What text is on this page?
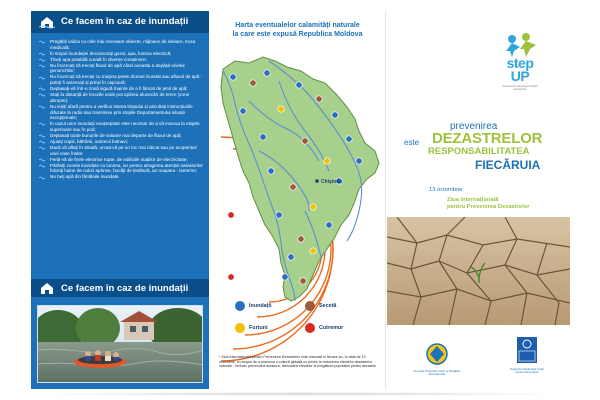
Ce facem în caz de inundații
Pregătiți valiza cu cele mai necesare obiecte, mijloace de salvare, trusa medicală;
În timpul inundației deconectați gazul, apa, lumina electrică;
Țineți apa potabilă curată în diverse containere;
Nu încercați să treceți fluxul de apă când aceasta a depășit nivelul genunchilor;
Nu încercați să treceți cu mașina peste drumul inundat sau afluxul de apă - puteți fi antrenați și prinși în capcană;
Deplasați-vă într-o zonă sigură înainte de a fi blocat de jetul de apă;
Stați la distanță de locurile unde pot apărea alunecări de teren (zone abrupte);
Nu ieșiți afară pentru a verifica starea timpului și ascultați instrucțiunile difuzate la radio sau transmise prin stațiile Departamentului situații excepționale;
În cazul unor inundații neașteptate este necesar de a vă evacua la etajele superioare sau în pod;
Deplasați toate bunurile de valoare mai departe de fluxul de apă;
Ajutați copiii, bătrânii, oamenii bolnavi;
Dacă vă aflați în stradă, urcați-vă pe un loc mai ridicat sau pe acoperișul unei case înalte;
Feriți-vă de firele electrice rupte, de edificiile stațiilor de electricitate;
Părăsiți zonele inundate cu luntrea, iar pentru atragerea atenției salvatorilor folosiți haine de culori aprinse, bucăți de țesătură, iar noaptea - lanterne;
Nu beți apă din fântânile inundate.
Ce facem în caz de inundații
Chișinău
Harta eventualelor calamități naturale
la care este expusă Republica Moldova
Inundații	Secetă
Furtuni	Cutremur
* Ziua Internațională pentru Prevenirea Dezastrelor este marcată în fiecare an, în data de 13 octombrie, cu scopul de a promova o cultură globală cu privire la reducerea efectelor dezastrelor naturale - inclusiv prevenirea acestora, atenuarea efectelor și pregătirea populației pentru dezastre.
step UP
Jocul pentru reducerea riscurilor dezastrelor
prevenirea
DEZASTRELOR
este
RESPONSABILITATEA
FIECĂRUIA
13 octombrie
Ziua Internațională
pentru Prevenirea Dezastrelor
Serviciul Protecției Civile și Situațiilor Excepționale
Programul Națiunilor Unite pentru Dezvoltare
